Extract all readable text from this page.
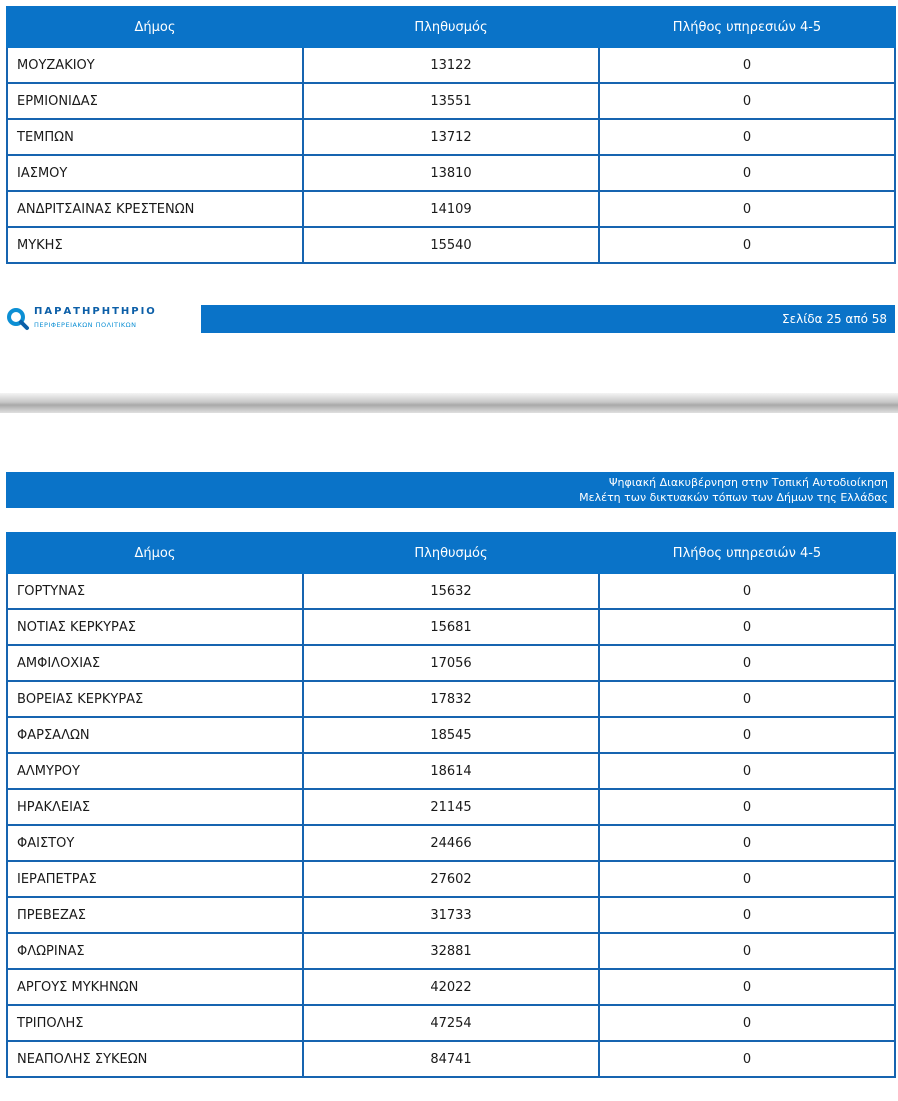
Δήμος	Πληθυσμός	Πλήθος υπηρεσιών 4-5
ΜΟΥΖΑΚΙΟΥ	13122	0
ΕΡΜΙΟΝΙΔΑΣ	13551	0
ΤΕΜΠΩΝ	13712	0
ΙΑΣΜΟΥ	13810	0
ΑΝΔΡΙΤΣΑΙΝΑΣ ΚΡΕΣΤΕΝΩΝ	14109	0
ΜΥΚΗΣ	15540	0
ΠΑΡΑΤΗΡΗΤΗΡΙΟ
ΠΕΡΙΦΕΡΕΙΑΚΩΝ ΠΟΛΙΤΙΚΩΝ	Σελίδα 25 από 58
Ψηφιακή Διακυβέρνηση στην Τοπική Αυτοδιοίκηση
Μελέτη των δικτυακών τόπων των Δήμων της Ελλάδας
Δήμος	Πληθυσμός	Πλήθος υπηρεσιών 4-5
ΓΟΡΤΥΝΑΣ	15632	0
ΝΟΤΙΑΣ ΚΕΡΚΥΡΑΣ	15681	0
ΑΜΦΙΛΟΧΙΑΣ	17056	0
ΒΟΡΕΙΑΣ ΚΕΡΚΥΡΑΣ	17832	0
ΦΑΡΣΑΛΩΝ	18545	0
ΑΛΜΥΡΟΥ	18614	0
ΗΡΑΚΛΕΙΑΣ	21145	0
ΦΑΙΣΤΟΥ	24466	0
ΙΕΡΑΠΕΤΡΑΣ	27602	0
ΠΡΕΒΕΖΑΣ	31733	0
ΦΛΩΡΙΝΑΣ	32881	0
ΑΡΓΟΥΣ ΜΥΚΗΝΩΝ	42022	0
ΤΡΙΠΟΛΗΣ	47254	0
ΝΕΑΠΟΛΗΣ ΣΥΚΕΩΝ	84741	0
